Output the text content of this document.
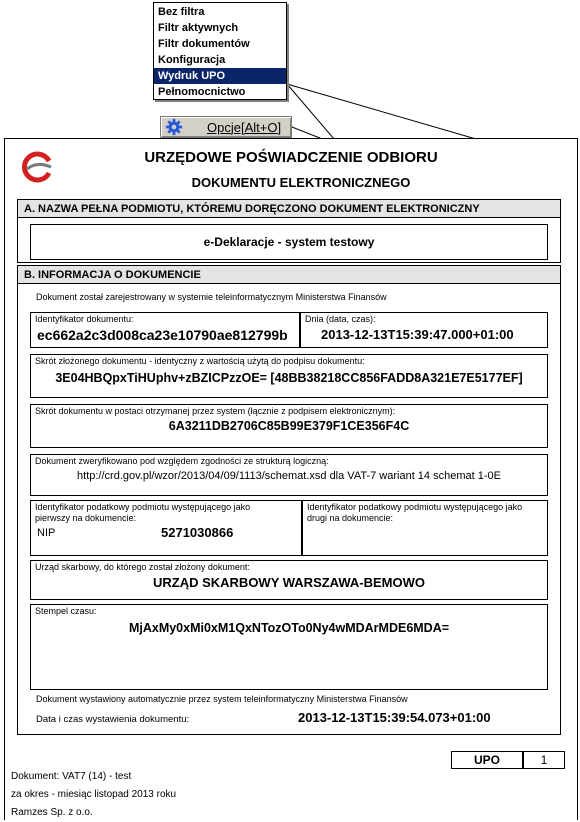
Bez filtra
Filtr aktywnych
Filtr dokumentów
Konfiguracja
Wydruk UPO
Pełnomocnictwo
Opcje[Alt+O]
URZĘDOWE POŚWIADCZENIE ODBIORU
DOKUMENTU ELEKTRONICZNEGO
A. NAZWA PEŁNA PODMIOTU, KTÓREMU DORĘCZONO DOKUMENT ELEKTRONICZNY
e-Deklaracje - system testowy
B. INFORMACJA O DOKUMENCIE
Dokument został zarejestrowany w systemie teleinformatycznym Ministerstwa Finansów
Identyfikator dokumentu:
ec662a2c3d008ca23e10790ae812799b
Dnia (data, czas):
2013-12-13T15:39:47.000+01:00
Skrót złożonego dokumentu - identyczny z wartością użytą do podpisu dokumentu:
3E04HBQpxTiHUphv+zBZICPzzOE= [48BB38218CC856FADD8A321E7E5177EF]
Skrót dokumentu w postaci otrzymanej przez system (łącznie z podpisem elektronicznym):
6A3211DB2706C85B99E379F1CE356F4C
Dokument zweryfikowano pod względem zgodności ze strukturą logiczną:
http://crd.gov.pl/wzor/2013/04/09/1113/schemat.xsd dla VAT-7 wariant 14 schemat 1-0E
Identyfikator podatkowy podmiotu występującego jako
pierwszy na dokumencie:
NIP	5271030866
Identyfikator podatkowy podmiotu występującego jako
drugi na dokumencie:
Urząd skarbowy, do którego został złożony dokument:
URZĄD SKARBOWY WARSZAWA-BEMOWO
Stempel czasu:
MjAxMy0xMi0xM1QxNTozOTo0Ny4wMDArMDE6MDA=
Dokument wystawiony automatycznie przez system teleinformatyczny Ministerstwa Finansów
Data i czas wystawienia dokumentu:	2013-12-13T15:39:54.073+01:00
UPO	1
Dokument: VAT7 (14) - test
za okres - miesiąc listopad 2013 roku
Ramzes Sp. z o.o.
